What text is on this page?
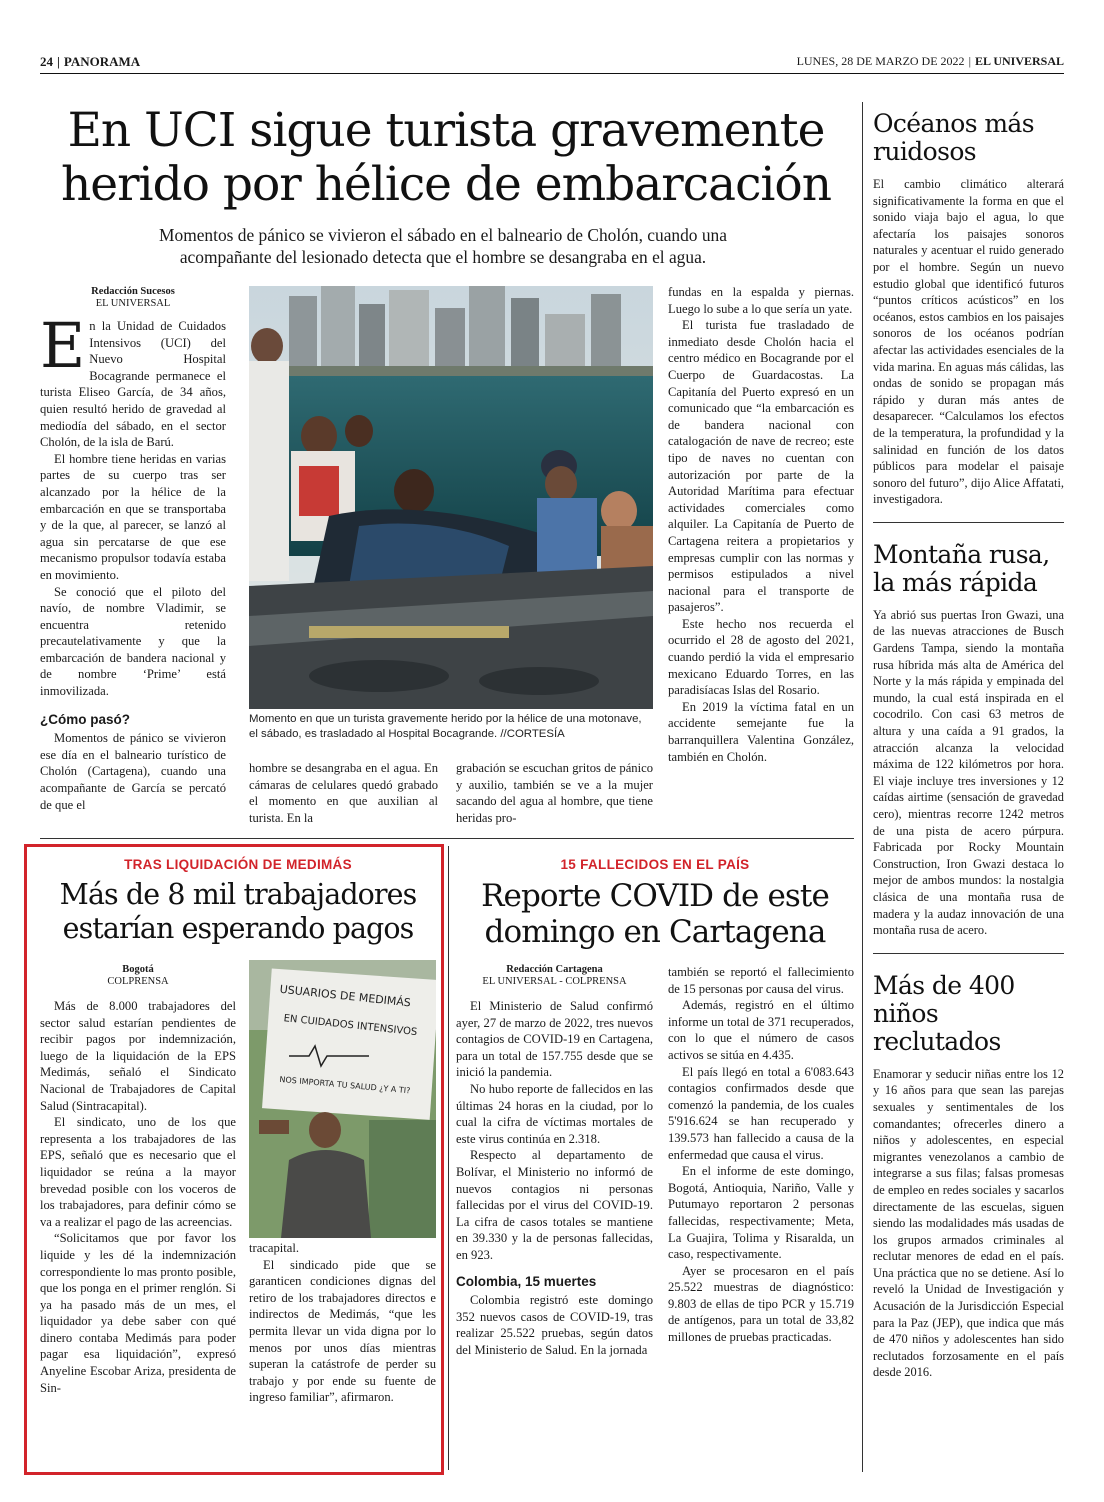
24 | PANORAMA	LUNES, 28 DE MARZO DE 2022 | EL UNIVERSAL
En UCI sigue turista gravemente
herido por hélice de embarcación
Momentos de pánico se vivieron el sábado en el balneario de Cholón, cuando una acompañante del lesionado detecta que el hombre se desangraba en el agua.
Redacción Sucesos
EL UNIVERSAL

En la Unidad de Cuidados Intensivos (UCI) del Nuevo Hospital Bocagrande permanece el turista Eliseo García, de 34 años, quien resultó herido de gravedad al mediodía del sábado, en el sector Cholón, de la isla de Barú.

El hombre tiene heridas en varias partes de su cuerpo tras ser alcanzado por la hélice de la embarcación en que se transportaba y de la que, al parecer, se lanzó al agua sin percatarse de que ese mecanismo propulsor todavía estaba en movimiento.

Se conoció que el piloto del navío, de nombre Vladimir, se encuentra retenido precautelativamente y que la embarcación de bandera nacional y de nombre ‘Prime’ está inmovilizada.

¿Cómo pasó?

Momentos de pánico se vivieron ese día en el balneario turístico de Cholón (Cartagena), cuando una acompañante de García se percató de que el

Momento en que un turista gravemente herido por la hélice de una motonave, el sábado, es trasladado al Hospital Bocagrande. //CORTESÍA

hombre se desangraba en el agua. En cámaras de celulares quedó grabado el momento en que auxilian al turista. En la

grabación se escuchan gritos de pánico y auxilio, también se ve a la mujer sacando del agua al hombre, que tiene heridas pro-

fundas en la espalda y piernas. Luego lo sube a lo que sería un yate.

El turista fue trasladado de inmediato desde Cholón hacia el centro médico en Bocagrande por el Cuerpo de Guardacostas. La Capitanía del Puerto expresó en un comunicado que “la embarcación es de bandera nacional con catalogación de nave de recreo; este tipo de naves no cuentan con autorización por parte de la Autoridad Marítima para efectuar actividades comerciales como alquiler. La Capitanía de Puerto de Cartagena reitera a propietarios y empresas cumplir con las normas y permisos estipulados a nivel nacional para el transporte de pasajeros”.

Este hecho nos recuerda el ocurrido el 28 de agosto del 2021, cuando perdió la vida el empresario mexicano Eduardo Torres, en las paradisíacas Islas del Rosario.

En 2019 la víctima fatal en un accidente semejante fue la barranquillera Valentina González, también en Cholón.

Océanos más ruidosos

El cambio climático alterará significativamente la forma en que el sonido viaja bajo el agua, lo que afectaría los paisajes sonoros naturales y acentuar el ruido generado por el hombre. Según un nuevo estudio global que identificó futuros “puntos críticos acústicos” en los océanos, estos cambios en los paisajes sonoros de los océanos podrían afectar las actividades esenciales de la vida marina. En aguas más cálidas, las ondas de sonido se propagan más rápido y duran más antes de desaparecer. “Calculamos los efectos de la temperatura, la profundidad y la salinidad en función de los datos públicos para modelar el paisaje sonoro del futuro”, dijo Alice Affatati, investigadora.

Montaña rusa, la más rápida

Ya abrió sus puertas Iron Gwazi, una de las nuevas atracciones de Busch Gardens Tampa, siendo la montaña rusa híbrida más alta de América del Norte y la más rápida y empinada del mundo, la cual está inspirada en el cocodrilo. Con casi 63 metros de altura y una caída a 91 grados, la atracción alcanza la velocidad máxima de 122 kilómetros por hora. El viaje incluye tres inversiones y 12 caídas airtime (sensación de gravedad cero), mientras recorre 1242 metros de una pista de acero púrpura. Fabricada por Rocky Mountain Construction, Iron Gwazi destaca lo mejor de ambos mundos: la nostalgia clásica de una montaña rusa de madera y la audaz innovación de una montaña rusa de acero.

Más de 400 niños reclutados

Enamorar y seducir niñas entre los 12 y 16 años para que sean las parejas sexuales y sentimentales de los comandantes; ofrecerles dinero a niños y adolescentes, en especial migrantes venezolanos a cambio de integrarse a sus filas; falsas promesas de empleo en redes sociales y sacarlos directamente de las escuelas, siguen siendo las modalidades más usadas de los grupos armados criminales al reclutar menores de edad en el país. Una práctica que no se detiene. Así lo reveló la Unidad de Investigación y Acusación de la Jurisdicción Especial para la Paz (JEP), que indica que más de 470 niños y adolescentes han sido reclutados forzosamente en el país desde 2016.

TRAS LIQUIDACIÓN DE MEDIMÁS
Más de 8 mil trabajadores
estarían esperando pagos
Bogotá
COLPRENSA

Más de 8.000 trabajadores del sector salud estarían pendientes de recibir pagos por indemnización, luego de la liquidación de la EPS Medimás, señaló el Sindicato Nacional de Trabajadores de Capital Salud (Sintracapital).

El sindicato, uno de los que representa a los trabajadores de las EPS, señaló que es necesario que el liquidador se reúna a la mayor brevedad posible con los voceros de los trabajadores, para definir cómo se va a realizar el pago de las acreencias.

“Solicitamos que por favor los liquide y les dé la indemnización correspondiente lo mas pronto posible, que los ponga en el primer renglón. Si ya ha pasado más de un mes, el liquidador ya debe saber con qué dinero contaba Medimás para poder pagar esa liquidación”, expresó Anyeline Escobar Ariza, presidenta de Sin-

USUARIOS DE MEDIMÁS
EN CUIDADOS INTENSIVOS
NOS IMPORTA TU SALUD ¿Y A TI?

tracapital.

El sindicado pide que se garanticen condiciones dignas del retiro de los trabajadores directos e indirectos de Medimás, “que les permita llevar un vida digna por lo menos por unos días mientras superan la catástrofe de perder su trabajo y por ende su fuente de ingreso familiar”, afirmaron.

15 FALLECIDOS EN EL PAÍS
Reporte COVID de este
domingo en Cartagena
Redacción Cartagena
EL UNIVERSAL - COLPRENSA

El Ministerio de Salud confirmó ayer, 27 de marzo de 2022, tres nuevos contagios de COVID-19 en Cartagena, para un total de 157.755 desde que se inició la pandemia.

No hubo reporte de fallecidos en las últimas 24 horas en la ciudad, por lo cual la cifra de víctimas mortales de este virus continúa en 2.318.

Respecto al departamento de Bolívar, el Ministerio no informó de nuevos contagios ni personas fallecidas por el virus del COVID-19. La cifra de casos totales se mantiene en 39.330 y la de personas fallecidas, en 923.

Colombia, 15 muertes

Colombia registró este domingo 352 nuevos casos de COVID-19, tras realizar 25.522 pruebas, según datos del Ministerio de Salud. En la jornada

también se reportó el fallecimiento de 15 personas por causa del virus.

Además, registró en el último informe un total de 371 recuperados, con lo que el número de casos activos se sitúa en 4.435.

El país llegó en total a 6'083.643 contagios confirmados desde que comenzó la pandemia, de los cuales 5'916.624 se han recuperado y 139.573 han fallecido a causa de la enfermedad que causa el virus.

En el informe de este domingo, Bogotá, Antioquia, Nariño, Valle y Putumayo reportaron 2 personas fallecidas, respectivamente; Meta, La Guajira, Tolima y Risaralda, un caso, respectivamente.

Ayer se procesaron en el país 25.522 muestras de diagnóstico: 9.803 de ellas de tipo PCR y 15.719 de antígenos, para un total de 33,82 millones de pruebas practicadas.
